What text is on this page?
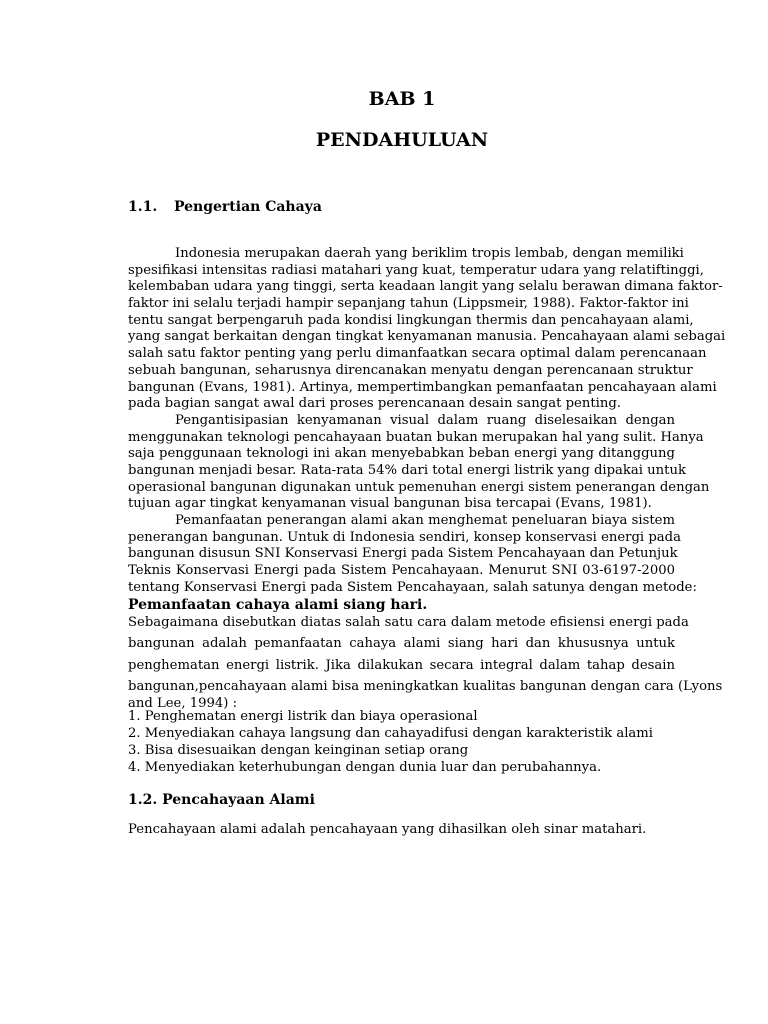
BAB 1
PENDAHULUAN
1.1. Pengertian Cahaya
Indonesia merupakan daerah yang beriklim tropis lembab, dengan memiliki
spesifikasi intensitas radiasi matahari yang kuat, temperatur udara yang relatiftinggi,
kelembaban udara yang tinggi, serta keadaan langit yang selalu berawan dimana faktor-
faktor ini selalu terjadi hampir sepanjang tahun (Lippsmeir, 1988). Faktor-faktor ini
tentu sangat berpengaruh pada kondisi lingkungan thermis dan pencahayaan alami,
yang sangat berkaitan dengan tingkat kenyamanan manusia. Pencahayaan alami sebagai
salah satu faktor penting yang perlu dimanfaatkan secara optimal dalam perencanaan
sebuah bangunan, seharusnya direncanakan menyatu dengan perencanaan struktur
bangunan (Evans, 1981). Artinya, mempertimbangkan pemanfaatan pencahayaan alami
pada bagian sangat awal dari proses perencanaan desain sangat penting.
Pengantisipasian kenyamanan visual dalam ruang diselesaikan dengan
menggunakan teknologi pencahayaan buatan bukan merupakan hal yang sulit. Hanya
saja penggunaan teknologi ini akan menyebabkan beban energi yang ditanggung
bangunan menjadi besar. Rata-rata 54% dari total energi listrik yang dipakai untuk
operasional bangunan digunakan untuk pemenuhan energi sistem penerangan dengan
tujuan agar tingkat kenyamanan visual bangunan bisa tercapai (Evans, 1981).
Pemanfaatan penerangan alami akan menghemat peneluaran biaya sistem
penerangan bangunan. Untuk di Indonesia sendiri, konsep konservasi energi pada
bangunan disusun SNI Konservasi Energi pada Sistem Pencahayaan dan Petunjuk
Teknis Konservasi Energi pada Sistem Pencahayaan. Menurut SNI 03-6197-2000
tentang Konservasi Energi pada Sistem Pencahayaan, salah satunya dengan metode:
Pemanfaatan cahaya alami siang hari.
Sebagaimana disebutkan diatas salah satu cara dalam metode efisiensi energi pada
bangunan adalah pemanfaatan cahaya alami siang hari dan khususnya untuk
penghematan energi listrik. Jika dilakukan secara integral dalam tahap desain
bangunan,pencahayaan alami bisa meningkatkan kualitas bangunan dengan cara (Lyons
and Lee, 1994) :
1. Penghematan energi listrik dan biaya operasional
2. Menyediakan cahaya langsung dan cahayadifusi dengan karakteristik alami
3. Bisa disesuaikan dengan keinginan setiap orang
4. Menyediakan keterhubungan dengan dunia luar dan perubahannya.
1.2. Pencahayaan Alami
Pencahayaan alami adalah pencahayaan yang dihasilkan oleh sinar matahari.
